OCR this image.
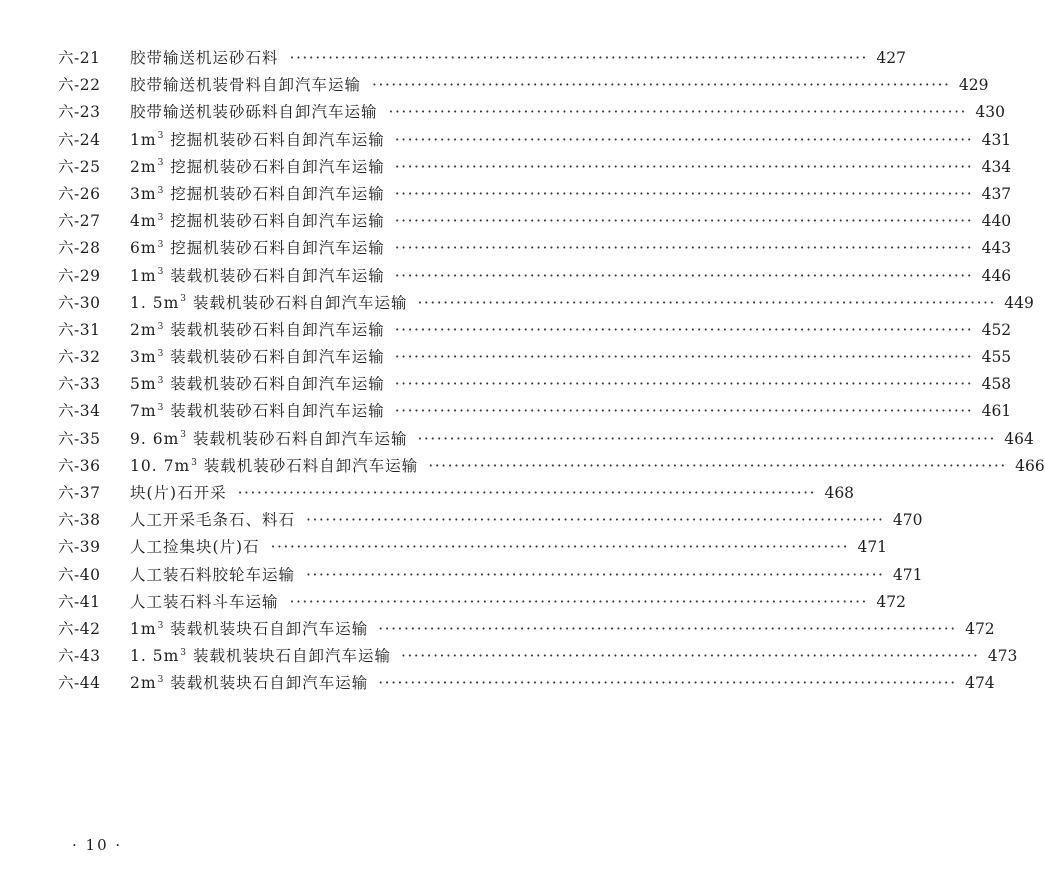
六-21	胶带输送机运砂石料 ·························································································· 427
六-22	胶带输送机装骨料自卸汽车运输 ·························································································· 429
六-23	胶带输送机装砂砾料自卸汽车运输 ·························································································· 430
六-24	$1m^3$ 挖掘机装砂石料自卸汽车运输 ·························································································· 431
六-25	$2m^3$ 挖掘机装砂石料自卸汽车运输 ·························································································· 434
六-26	$3m^3$ 挖掘机装砂石料自卸汽车运输 ·························································································· 437
六-27	$4m^3$ 挖掘机装砂石料自卸汽车运输 ·························································································· 440
六-28	$6m^3$ 挖掘机装砂石料自卸汽车运输 ·························································································· 443
六-29	$1m^3$ 装载机装砂石料自卸汽车运输 ·························································································· 446
六-30	1. $5m^3$ 装载机装砂石料自卸汽车运输 ·························································································· 449
六-31	$2m^3$ 装载机装砂石料自卸汽车运输 ·························································································· 452
六-32	$3m^3$ 装载机装砂石料自卸汽车运输 ·························································································· 455
六-33	$5m^3$ 装载机装砂石料自卸汽车运输 ·························································································· 458
六-34	$7m^3$ 装载机装砂石料自卸汽车运输 ·························································································· 461
六-35	9. $6m^3$ 装载机装砂石料自卸汽车运输 ·························································································· 464
六-36	10. $7m^3$ 装载机装砂石料自卸汽车运输 ·························································································· 466
六-37	块(片)石开采 ·························································································· 468
六-38	人工开采毛条石、料石 ·························································································· 470
六-39	人工捡集块(片)石 ·························································································· 471
六-40	人工装石料胶轮车运输 ·························································································· 471
六-41	人工装石料斗车运输 ·························································································· 472
六-42	$1m^3$ 装载机装块石自卸汽车运输 ·························································································· 472
六-43	1. $5m^3$ 装载机装块石自卸汽车运输 ·························································································· 473
六-44	$2m^3$ 装载机装块石自卸汽车运输 ·························································································· 474
· 10 ·
